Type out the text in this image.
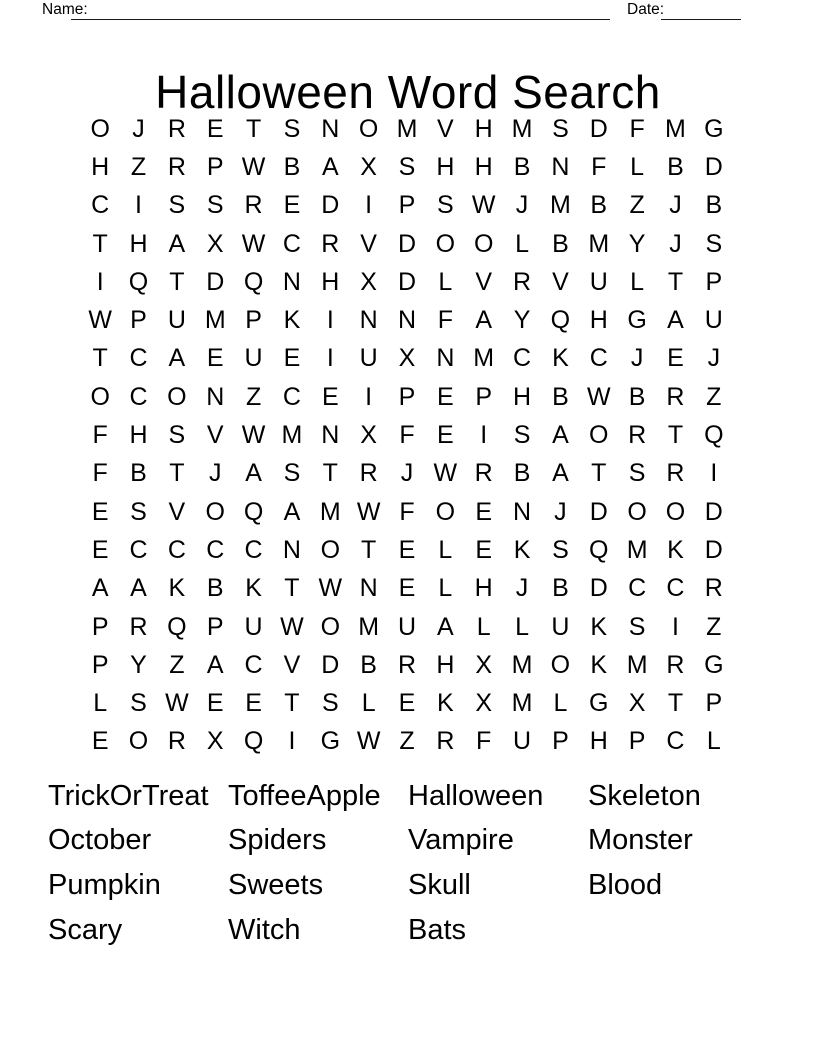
Name:	Date:
Halloween Word Search
O J R E T S N O M V H M S D F M G
H Z R P W B A X S H H B N F L B D
C	I	S S R E D	I	P S W J M B Z J B
T H A X W C R V D O O L B M Y J S
I	Q T D Q N H X D L V R V U L T P
W P U M P K	I	N N F A Y Q H G A U
T C A E U E	I	U X N M C K C J E J
O C O N Z C E	I	P E P H B W B R Z
F H S V W M N X F E	I	S A O R T Q
F B T J A S T R J W R B A T S R	I
E S V O Q A M W F O E N J D O O D
E C C C C N O T E L E K S Q M K D
A A K B K T W N E L H J B D C C R
P R Q P U W O M U A L L U K S	I	Z
P Y Z A C V D B R H X M O K M R G
L S W E E T S L E K X M L G X T P
E O R X Q	I	G W Z R F U P H P C L
TrickOrTreat
October
Pumpkin
Scary
ToffeeApple
Spiders
Sweets
Witch
Halloween
Vampire
Skull
Bats
Skeleton
Monster
Blood
